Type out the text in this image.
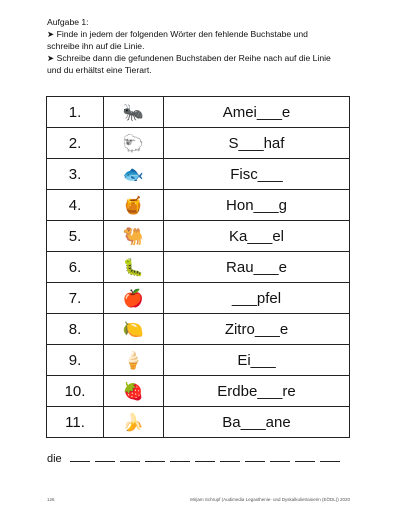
Aufgabe 1:
➤ Finde in jedem der folgenden Wörter den fehlende Buchstabe und
schreibe ihn auf die Linie.
➤ Schreibe dann die gefundenen Buchstaben der Reihe nach auf die Linie
und du erhältst eine Tierart.
1.	🐜	Amei___e
2.	🐑	S___haf
3.	🐟	Fisc___
4.	🍯	Hon___g
5.	🐫	Ka___el
6.	🐛	Rau___e
7.	🍎	___pfel
8.	🍋	Zitro___e
9.	🍦	Ei___
10.	🍓	Erdbe___re
11.	🍌	Ba___ane
die
126	Mirjam Schrupf (Audimedia Legasthenie- und Dyskalkulietrainerin (EÖDL)) 2020
